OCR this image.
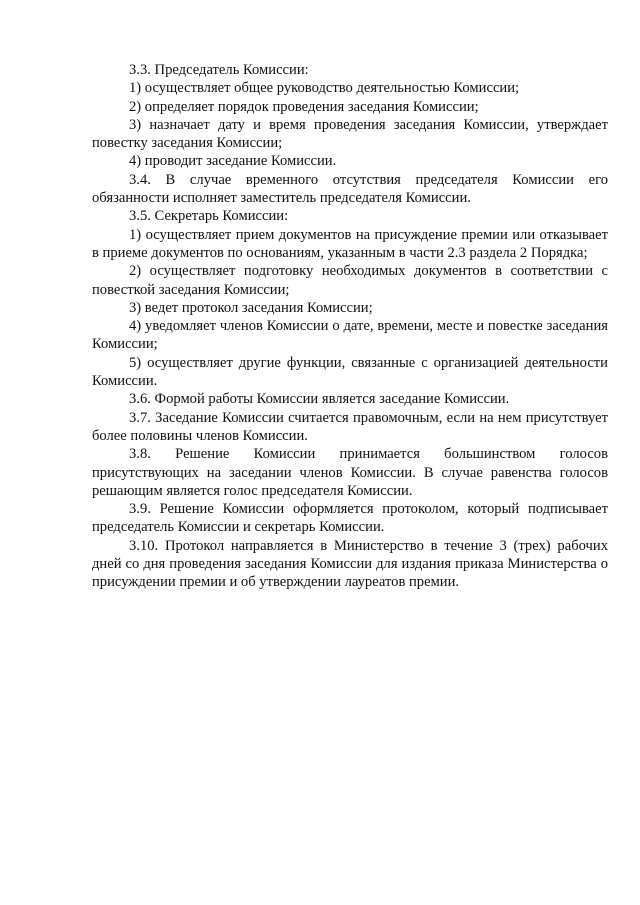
3.3. Председатель Комиссии:

1) осуществляет общее руководство деятельностью Комиссии;

2) определяет порядок проведения заседания Комиссии;

3) назначает дату и время проведения заседания Комиссии, утверждает повестку заседания Комиссии;

4) проводит заседание Комиссии.

3.4. В случае временного отсутствия председателя Комиссии его обязанности исполняет заместитель председателя Комиссии.

3.5. Секретарь Комиссии:

1) осуществляет прием документов на присуждение премии или отказывает в приеме документов по основаниям, указанным в части 2.3 раздела 2 Порядка;

2) осуществляет подготовку необходимых документов в соответствии с повесткой заседания Комиссии;

3) ведет протокол заседания Комиссии;

4) уведомляет членов Комиссии о дате, времени, месте и повестке заседания Комиссии;

5) осуществляет другие функции, связанные с организацией деятельности Комиссии.

3.6. Формой работы Комиссии является заседание Комиссии.

3.7. Заседание Комиссии считается правомочным, если на нем присутствует более половины членов Комиссии.

3.8. Решение Комиссии принимается большинством голосов присутствующих на заседании членов Комиссии. В случае равенства голосов решающим является голос председателя Комиссии.

3.9. Решение Комиссии оформляется протоколом, который подписывает председатель Комиссии и секретарь Комиссии.

3.10. Протокол направляется в Министерство в течение 3 (трех) рабочих дней со дня проведения заседания Комиссии для издания приказа Министерства о присуждении премии и об утверждении лауреатов премии.
